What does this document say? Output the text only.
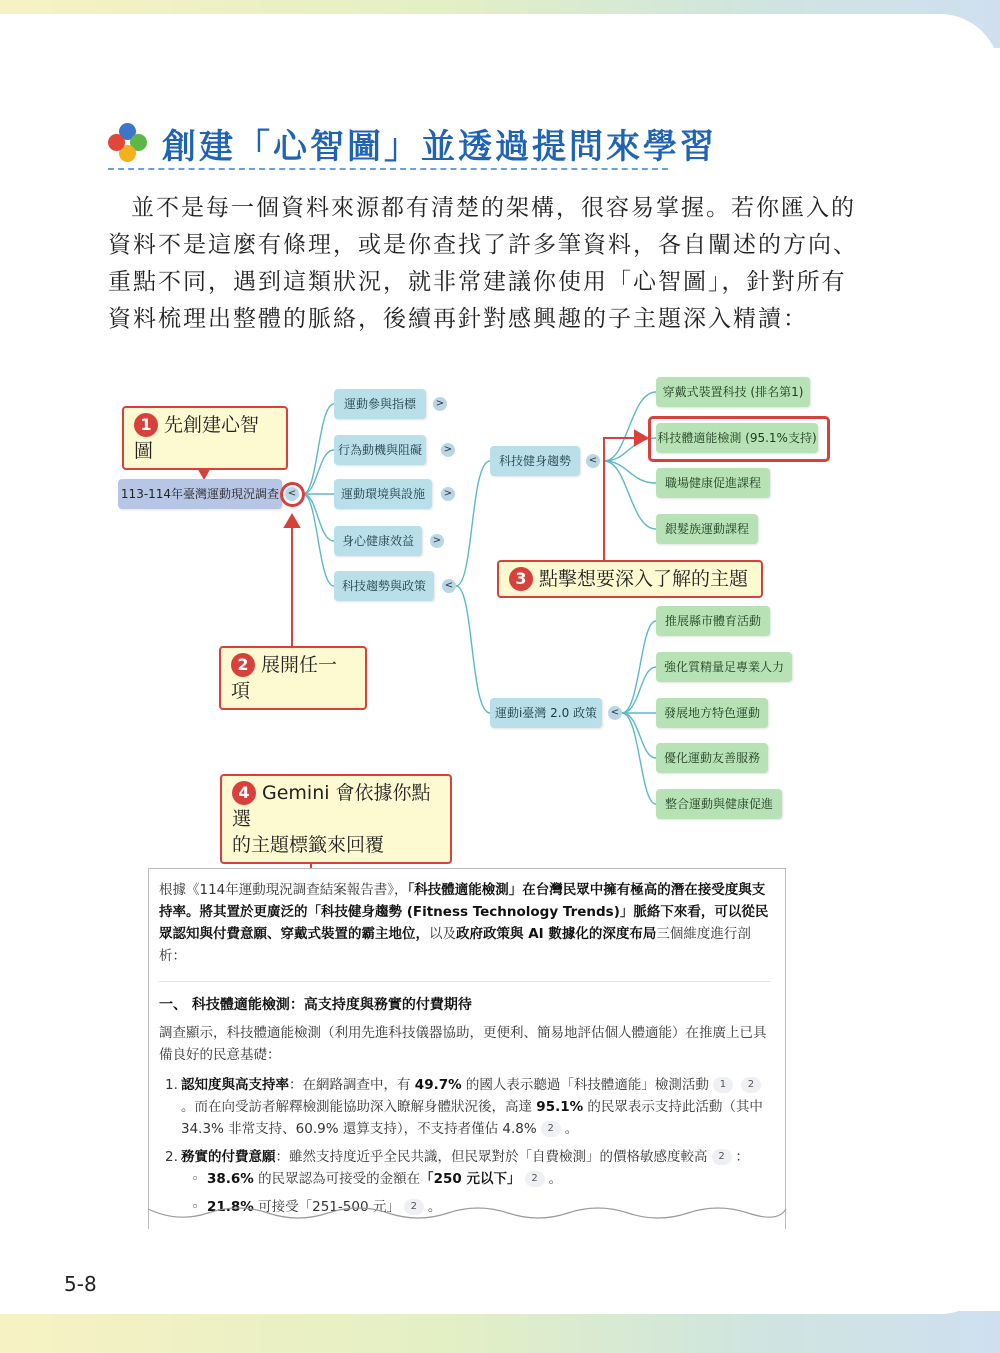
創建「心智圖」並透過提問來學習
並不是每一個資料來源都有清楚的架構，很容易掌握。若你匯入的資料不是這麼有條理，或是你查找了許多筆資料，各自闡述的方向、重點不同，遇到這類狀況，就非常建議你使用「心智圖」，針對所有資料梳理出整體的脈絡，後續再針對感興趣的子主題深入精讀：
113-114年臺灣運動現況調查 <
運動參與指標	>
行為動機與阻礙	>
運動環境與設施	>
身心健康效益	>
科技趨勢與政策	<
科技健身趨勢	<
運動i臺灣 2.0 政策	<
穿戴式裝置科技 (排名第1)
科技體適能檢測 (95.1%支持)
職場健康促進課程
銀髮族運動課程
推展縣市體育活動
強化質精量足專業人力
發展地方特色運動
優化運動友善服務
整合運動與健康促進
1 先創建心智圖
2 展開任一項
3 點擊想要深入了解的主題
4 Gemini 會依據你點選
的主題標籤來回覆

根據《114年運動現況調查結案報告書》，「科技體適能檢測」在台灣民眾中擁有極高的潛在接受度與支持率。將其置於更廣泛的「科技健身趨勢 (Fitness Technology Trends)」脈絡下來看，可以從民眾認知與付費意願、穿戴式裝置的霸主地位，以及政府政策與 AI 數據化的深度布局三個維度進行剖析：

一、 科技體適能檢測：高支持度與務實的付費期待

調查顯示，科技體適能檢測（利用先進科技儀器協助，更便利、簡易地評估個人體適能）在推廣上已具備良好的民意基礎：

1. 認知度與高支持率：在網路調查中，有 49.7% 的國人表示聽過「科技體適能」檢測活動 1 2。而在向受訪者解釋檢測能協助深入瞭解身體狀況後，高達 95.1% 的民眾表示支持此活動（其中 34.3% 非常支持、60.9% 還算支持），不支持者僅佔 4.8% 2 。

2. 務實的付費意願：雖然支持度近乎全民共識，但民眾對於「自費檢測」的價格敏感度較高 2 ：

◦ 38.6% 的民眾認為可接受的金額在「250 元以下」 2 。

◦ 21.8% 可接受「251-500 元」 2 。

5-8
